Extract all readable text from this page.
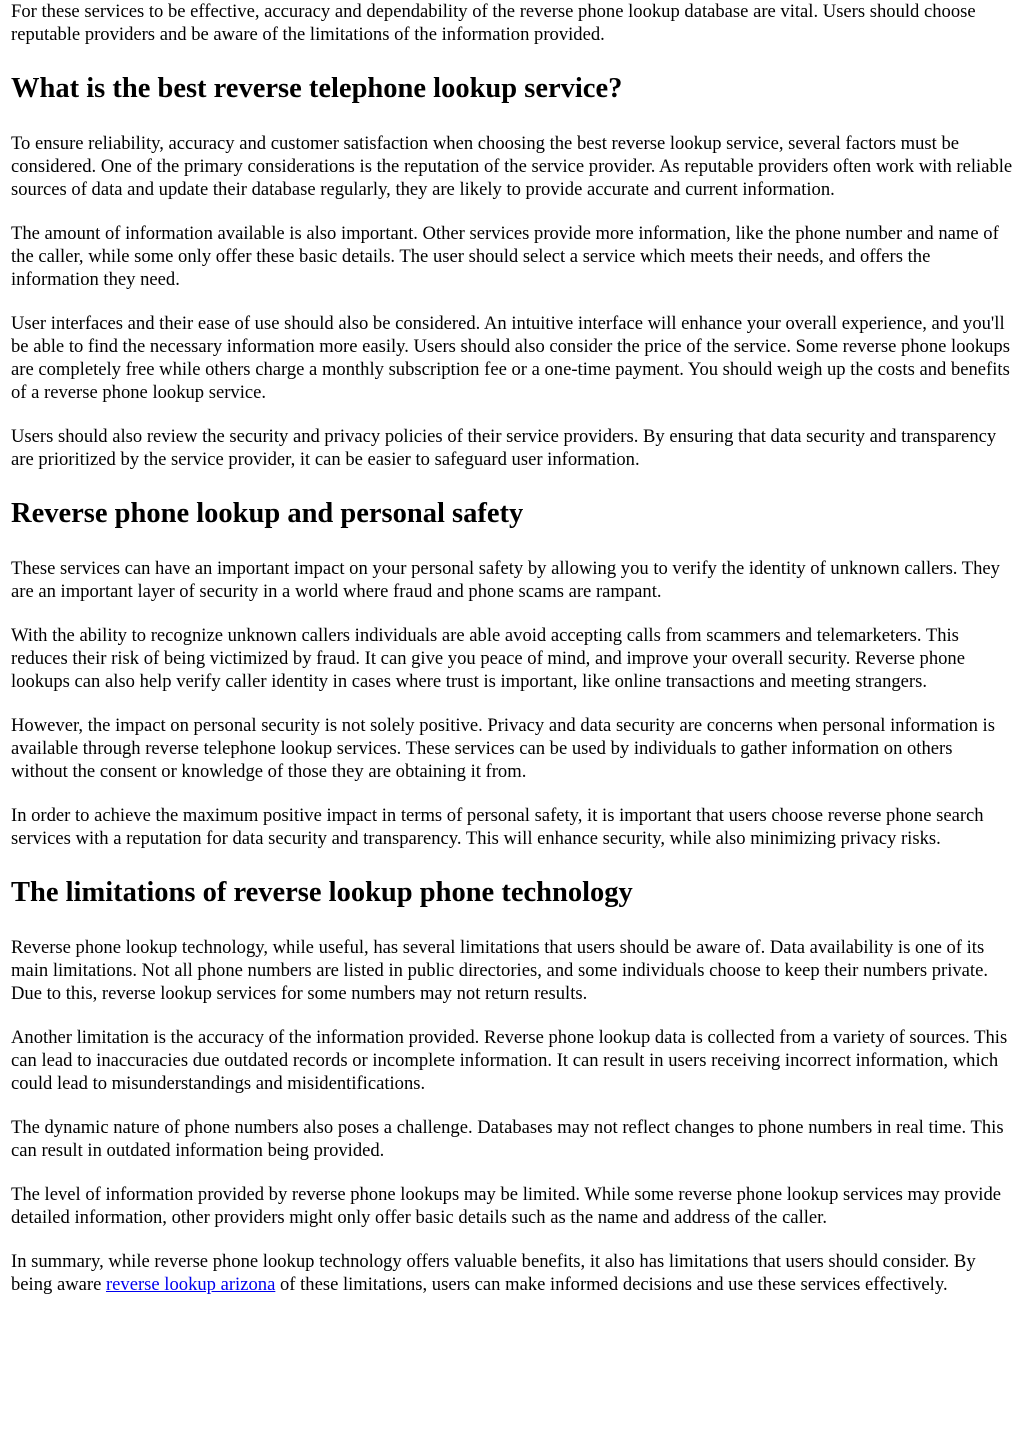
For these services to be effective, accuracy and dependability of the reverse phone lookup database are vital. Users should choose reputable providers and be aware of the limitations of the information provided.

What is the best reverse telephone lookup service?

To ensure reliability, accuracy and customer satisfaction when choosing the best reverse lookup service, several factors must be considered. One of the primary considerations is the reputation of the service provider. As reputable providers often work with reliable sources of data and update their database regularly, they are likely to provide accurate and current information.

The amount of information available is also important. Other services provide more information, like the phone number and name of the caller, while some only offer these basic details. The user should select a service which meets their needs, and offers the information they need.

User interfaces and their ease of use should also be considered. An intuitive interface will enhance your overall experience, and you'll be able to find the necessary information more easily. Users should also consider the price of the service. Some reverse phone lookups are completely free while others charge a monthly subscription fee or a one-time payment. You should weigh up the costs and benefits of a reverse phone lookup service.

Users should also review the security and privacy policies of their service providers. By ensuring that data security and transparency are prioritized by the service provider, it can be easier to safeguard user information.

Reverse phone lookup and personal safety

These services can have an important impact on your personal safety by allowing you to verify the identity of unknown callers. They are an important layer of security in a world where fraud and phone scams are rampant.

With the ability to recognize unknown callers individuals are able avoid accepting calls from scammers and telemarketers. This reduces their risk of being victimized by fraud. It can give you peace of mind, and improve your overall security. Reverse phone lookups can also help verify caller identity in cases where trust is important, like online transactions and meeting strangers.

However, the impact on personal security is not solely positive. Privacy and data security are concerns when personal information is available through reverse telephone lookup services. These services can be used by individuals to gather information on others without the consent or knowledge of those they are obtaining it from.

In order to achieve the maximum positive impact in terms of personal safety, it is important that users choose reverse phone search services with a reputation for data security and transparency. This will enhance security, while also minimizing privacy risks.

The limitations of reverse lookup phone technology

Reverse phone lookup technology, while useful, has several limitations that users should be aware of. Data availability is one of its main limitations. Not all phone numbers are listed in public directories, and some individuals choose to keep their numbers private. Due to this, reverse lookup services for some numbers may not return results.

Another limitation is the accuracy of the information provided. Reverse phone lookup data is collected from a variety of sources. This can lead to inaccuracies due outdated records or incomplete information. It can result in users receiving incorrect information, which could lead to misunderstandings and misidentifications.

The dynamic nature of phone numbers also poses a challenge. Databases may not reflect changes to phone numbers in real time. This can result in outdated information being provided.

The level of information provided by reverse phone lookups may be limited. While some reverse phone lookup services may provide detailed information, other providers might only offer basic details such as the name and address of the caller.

In summary, while reverse phone lookup technology offers valuable benefits, it also has limitations that users should consider. By being aware reverse lookup arizona of these limitations, users can make informed decisions and use these services effectively.
